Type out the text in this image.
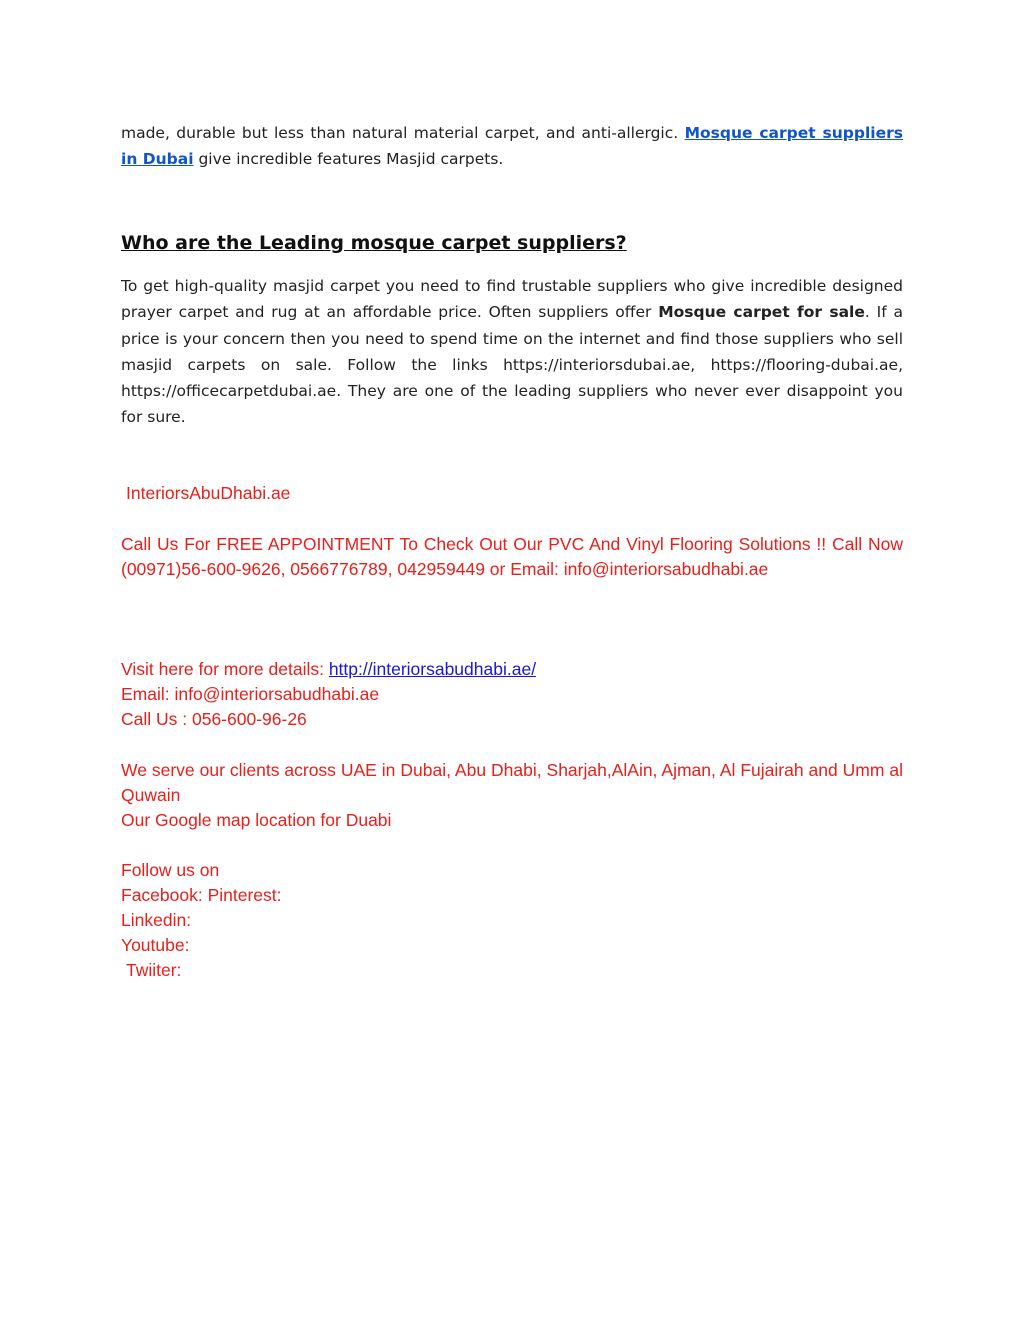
made, durable but less than natural material carpet, and anti-allergic. Mosque carpet suppliers in Dubai give incredible features Masjid carpets.

Who are the Leading mosque carpet suppliers?

To get high-quality masjid carpet you need to find trustable suppliers who give incredible designed prayer carpet and rug at an affordable price. Often suppliers offer Mosque carpet for sale. If a price is your concern then you need to spend time on the internet and find those suppliers who sell masjid carpets on sale. Follow the links https://interiorsdubai.ae, https://flooring-dubai.ae, https://officecarpetdubai.ae. They are one of the leading suppliers who never ever disappoint you for sure.

InteriorsAbuDhabi.ae

Call Us For FREE APPOINTMENT To Check Out Our PVC And Vinyl Flooring Solutions !! Call Now (00971)56-600-9626, 0566776789, 042959449 or Email: info@interiorsabudhabi.ae

Visit here for more details: http://interiorsabudhabi.ae/
Email: info@interiorsabudhabi.ae
Call Us : 056-600-96-26

We serve our clients across UAE in Dubai, Abu Dhabi, Sharjah,AlAin, Ajman, Al Fujairah and Umm al Quwain

Our Google map location for Duabi

Follow us on
Facebook: Pinterest:
Linkedin:
Youtube:
Twiiter:
